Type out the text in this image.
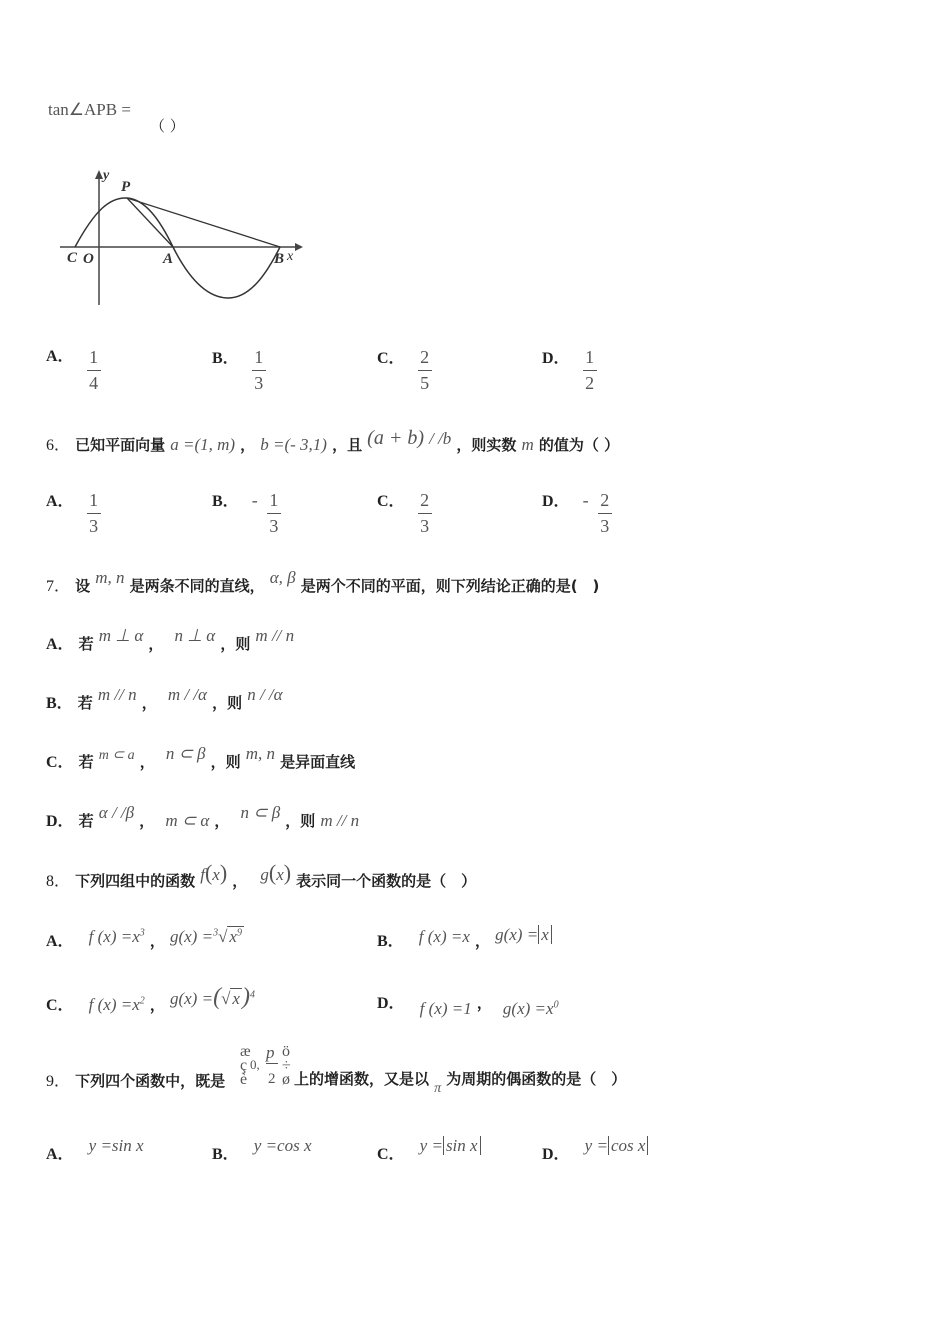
tan∠APB =
（ ）
y
P
C O	A	B x
A． $\frac{1}{4}$	B． $\frac{1}{3}$	C． $\frac{2}{5}$	D． $\frac{1}{2}$
6． 已知平面向量 a =(1, m) ， b =(- 3,1) ，且 (a + b) / /b ，则实数 m 的值为（ ）
A． $\frac{1}{3}$	B． - $\frac{1}{3}$	C． $\frac{2}{3}$	D． - $\frac{2}{3}$
7． 设 m, n 是两条不同的直线， α, β 是两个不同的平面，则下列结论正确的是(　)
A． 若 m ⊥ α ， n ⊥ α ，则 m // n
B． 若 m // n ， m / /α ，则 n / /α
C． 若 m ⊂ a ， n ⊂ β ，则 m, n 是异面直线
D． 若 α / /β ， m ⊂ α ， n ⊂ β ，则 m // n
8． 下列四组中的函数 f(x) ， g(x) 表示同一个函数的是（　）
A． f $(x) =x^3$ ， g(x) =$^3$√ $x^9$
B． f (x) =x ， g(x) = x
C． f $(x) =x^2$ ， g(x) =(√ x)$^4$
D． f (x) =1 ， $g(x) =x^0$
9． 下列四个函数中，既是
æ p ö
ç 0, ÷
è 2 ø 上的增函数，又是以 π 为周期的偶函数的是（　）
A． y =sin x	B． y =cos x	C． y = sin x	D． y = cos x
